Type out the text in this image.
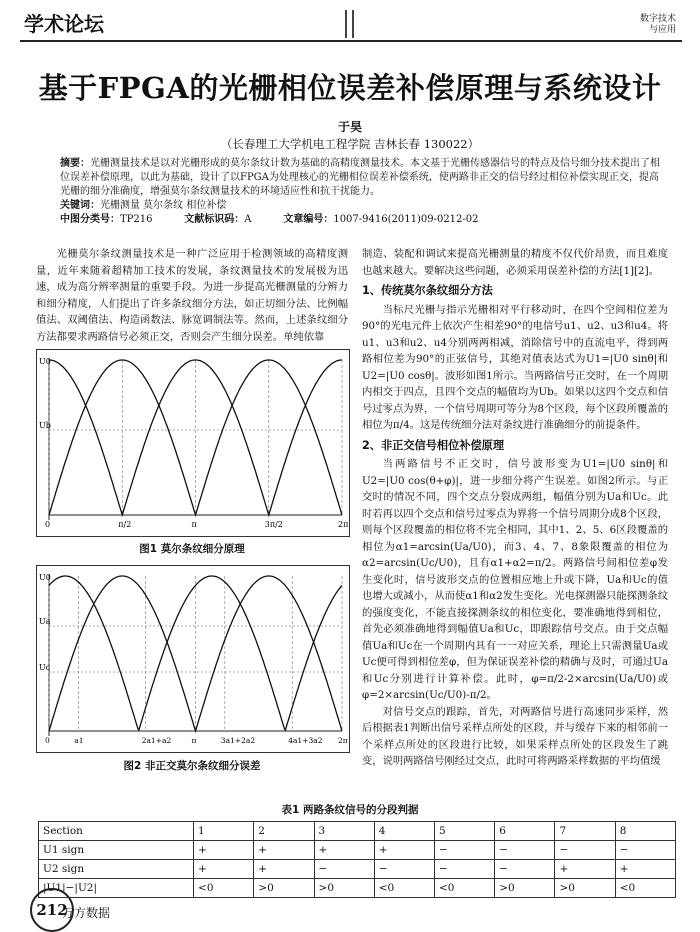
学术论坛	数字技术
与应用
基于FPGA的光栅相位误差补偿原理与系统设计
于昊
（长春理工大学机电工程学院 吉林长春 130022）
摘要：光栅测量技术是以对光栅形成的莫尔条纹计数为基础的高精度测量技术。本文基于光栅传感器信号的特点及信号细分技术提出了相位误差补偿原理，以此为基础，设计了以FPGA为处理核心的光栅相位误差补偿系统，使两路非正交的信号经过相位补偿实现正交，提高光栅的细分准确度，增强莫尔条纹测量技术的环境适应性和抗干扰能力。
关键词：光栅测量 莫尔条纹 相位补偿
中图分类号：TP216	文献标识码：A	文章编号：1007-9416(2011)09-0212-02

光栅莫尔条纹测量技术是一种广泛应用于检测领域的高精度测量，近年来随着超精加工技术的发展，条纹测量技术的发展极为迅速，成为高分辨率测量的重要手段。为进一步提高光栅测量的分辨力和细分精度，人们提出了许多条纹细分方法，如正切细分法、比例幅值法、双阈值法、构造函数法、脉宽调制法等。然而，上述条纹细分方法都要求两路信号必须正交，否则会产生细分误差。单纯依靠

U0
Ub
0	π/2	π	3π/2	2π
图1 莫尔条纹细分原理
U0
Ua
Uc
0	a1	2a1+a2	π	3a1+2a2	4a1+3a2 2π
图2 非正交莫尔条纹细分误差

制造、装配和调试来提高光栅测量的精度不仅代价昂贵，而且难度也越来越大。要解决这些问题，必须采用误差补偿的方法[1][2]。

1、传统莫尔条纹细分方法

当标尺光栅与指示光栅相对平行移动时，在四个空间相位差为90°的光电元件上依次产生相差90°的电信号u1、u2、u3和u4。将u1、u3和u2、u4分别两两相减，消除信号中的直流电平，得到两路相位差为90°的正弦信号，其绝对值表达式为U1=|U0 sinθ|和U2=|U0 cosθ|。波形如图1所示。当两路信号正交时，在一个周期内相交于四点，且四个交点的幅值均为Ub。如果以这四个交点和信号过零点为界，一个信号周期可等分为8个区段，每个区段所覆盖的相位为π/4。这是传统细分法对条纹进行准确细分的前提条件。

2、非正交信号相位补偿原理

当两路信号不正交时，信号波形变为U1=|U0 sinθ|和U2=|U0 cos(θ+φ)|，进一步细分将产生误差。如图2所示。与正交时的情况不同，四个交点分裂成两组，幅值分别为Ua和Uc。此时若再以四个交点和信号过零点为界将一个信号周期分成8个区段，则每个区段覆盖的相位将不完全相同，其中1、2、5、6区段覆盖的相位为α1=arcsin(Ua/U0)，而3、4、7、8象限覆盖的相位为α2=arcsin(Uc/U0)，且有α1+α2=π/2。两路信号间相位差φ发生变化时，信号波形交点的位置相应地上升或下降，Ua和Uc的值也增大或减小，从而使α1和α2发生变化。光电探测器只能探测条纹的强度变化，不能直接探测条纹的相位变化，要准确地得到相位，首先必须准确地得到幅值Ua和Uc，即跟踪信号交点。由于交点幅值Ua和Uc在一个周期内具有一一对应关系，理论上只需测量Ua或Uc便可得到相位差φ，但为保证误差补偿的精确与及时，可通过Ua和Uc分别进行计算补偿。此时，φ=π/2-2×arcsin(Ua/U0)或φ=2×arcsin(Uc/U0)-π/2。

对信号交点的跟踪，首先，对两路信号进行高速同步采样，然后根据表1判断出信号采样点所处的区段，并与缓存下来的相邻前一个采样点所处的区段进行比较，如果采样点所处的区段发生了跳变，说明两路信号刚经过交点，此时可将两路采样数据的平均值缓

表1 两路条纹信号的分段判据
Section	1	2	3	4	5	6	7	8
U1 sign	+	+	+	+	−	−	−	−
U2 sign	+	+	−	−	−	−	+	+
|U1|−|U2|	<0	>0	>0	<0	<0	>0	>0	<0
212
万方数据
